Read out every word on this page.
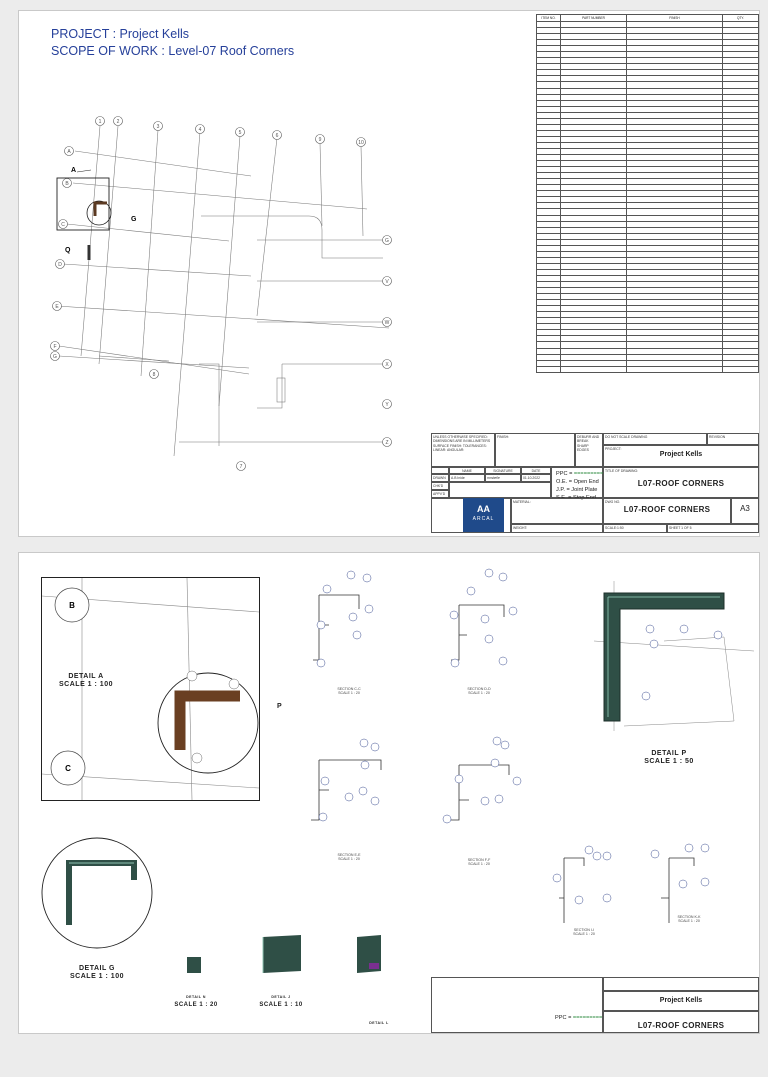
PROJECT : Project Kells
SCOPE OF WORK : Level-07 Roof Corners
A
G
Q
1	2
3	4	5	6
9	10
A
B
C
D
E
F
G
G
V
W
X
Y
Z
7
8
ITEM NO.	PART NUMBER	FINISH	QTY.

UNLESS OTHERWISE SPECIFIED: DIMENSIONS ARE IN MILLIMETERS SURFACE FINISH: TOLERANCES: LINEAR: ANGULAR:
FINISH:	DEBURR AND BREAK SHARP EDGES
DO NOT SCALE DRAWING	REVISION
PROJECT:
Project Kells
NAME	SIGNATURE	DATE
DRAWN	A.B Inide	mmbelle	01.10.2022
CHK'D
APPV'D
PPC = =========
O.E. = Open End
J.P. = Joint Plate
S.E. = Stop End
TITLE OF DRAWING:
L07-ROOF CORNERS
AA
ARCAL
MATERIAL:	DWG NO.
L07-ROOF CORNERS	A3
WEIGHT:	SCALE:1:50	SHEET 1 OF 5
B
C
DETAIL A
SCALE 1 : 100
P
SECTION C-C
SCALE 1 : 20
SECTION E-E
SCALE 1 : 20
SECTION D-D
SCALE 1 : 20
SECTION F-F
SCALE 1 : 20
DETAIL P
SCALE 1 : 50
SECTION I-I
SCALE 1 : 20
SECTION K-K
SCALE 1 : 20
DETAIL G
SCALE 1 : 100
DETAIL N
SCALE 1 : 20
DETAIL J
SCALE 1 : 10
DETAIL L
Project Kells
L07-ROOF CORNERS
PPC = =========
